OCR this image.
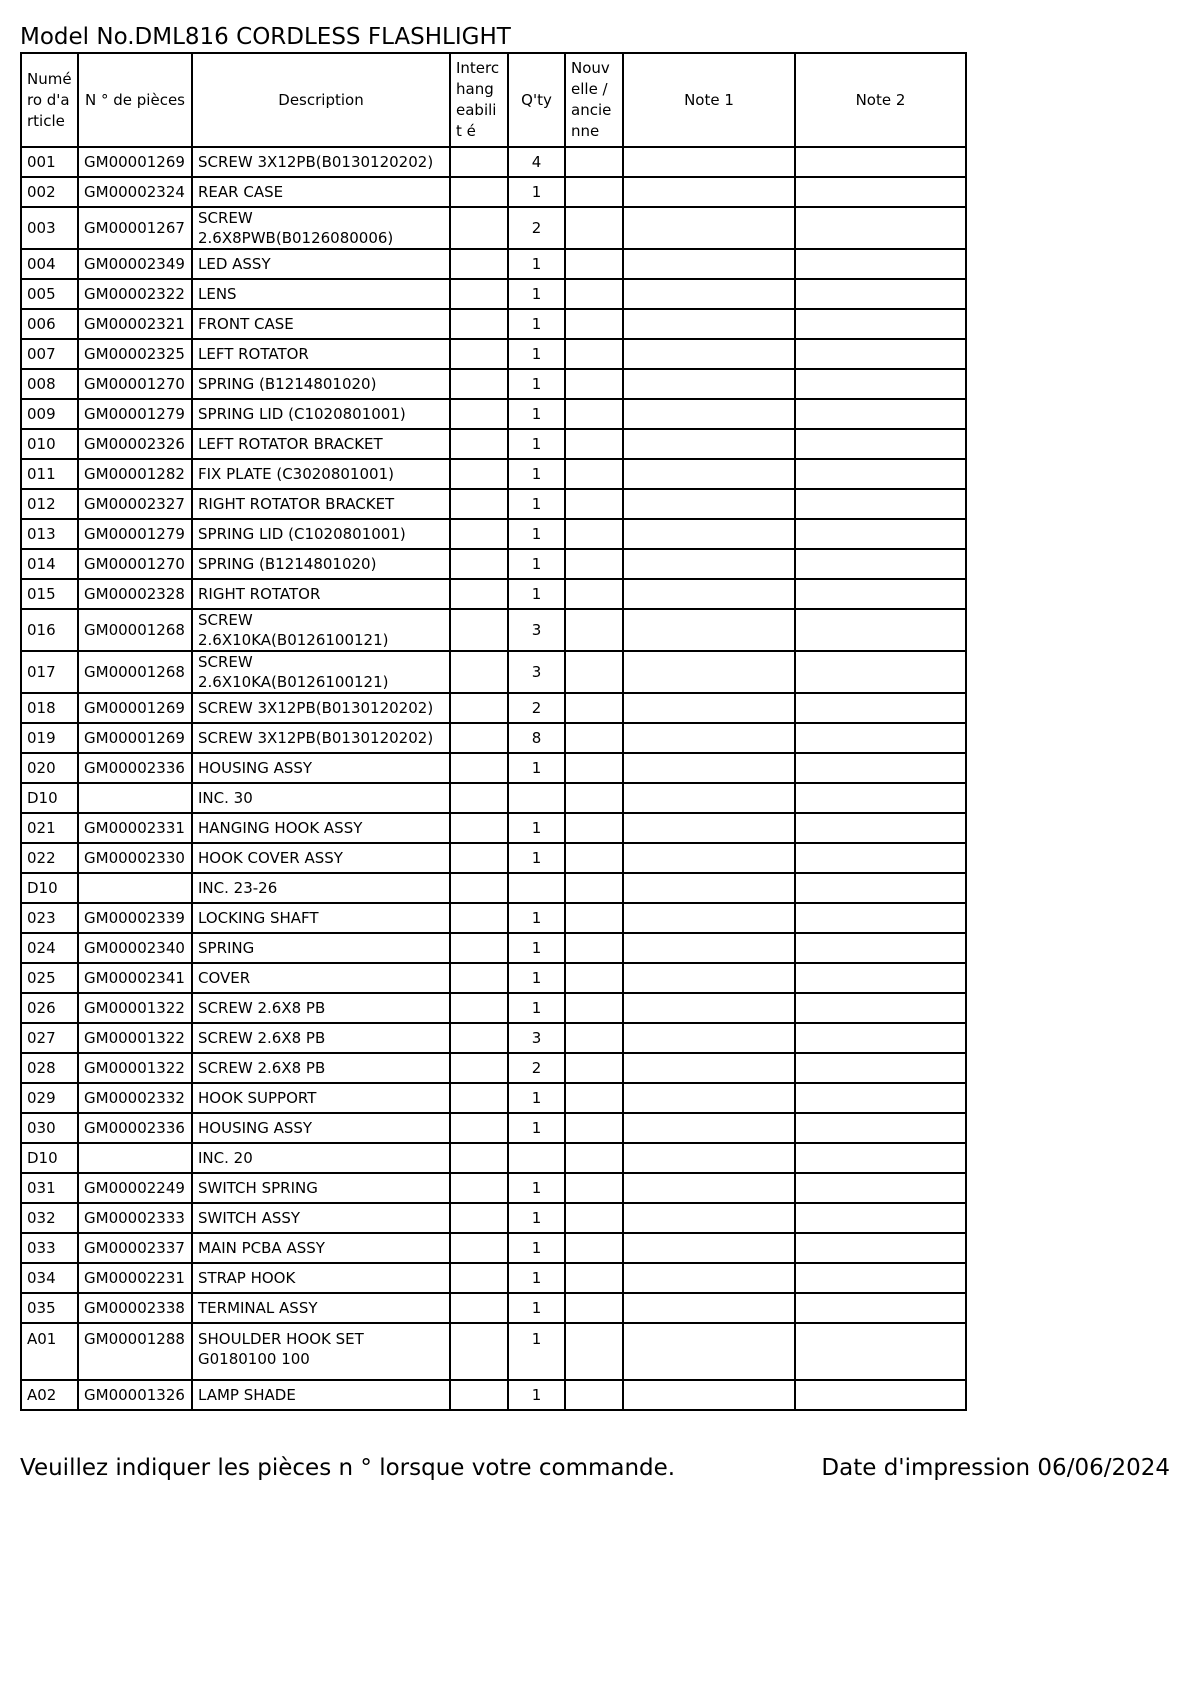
Model No.DML816 CORDLESS FLASHLIGHT
Numé ro d'a rticle	N ° de pièces	Description	Interc hang eabilit é	Q'ty	Nouv elle / ancie nne	Note 1	Note 2
001	GM00001269	SCREW 3X12PB(B0130120202)		4			
002	GM00002324	REAR CASE		1			
003	GM00001267	SCREW 2.6X8PWB(B0126080006)		2			
004	GM00002349	LED ASSY		1			
005	GM00002322	LENS		1			
006	GM00002321	FRONT CASE		1			
007	GM00002325	LEFT ROTATOR		1			
008	GM00001270	SPRING (B1214801020)		1			
009	GM00001279	SPRING LID (C1020801001)		1			
010	GM00002326	LEFT ROTATOR BRACKET		1			
011	GM00001282	FIX PLATE (C3020801001)		1			
012	GM00002327	RIGHT ROTATOR BRACKET		1			
013	GM00001279	SPRING LID (C1020801001)		1			
014	GM00001270	SPRING (B1214801020)		1			
015	GM00002328	RIGHT ROTATOR		1			
016	GM00001268	SCREW 2.6X10KA(B0126100121)		3			
017	GM00001268	SCREW 2.6X10KA(B0126100121)		3			
018	GM00001269	SCREW 3X12PB(B0130120202)		2			
019	GM00001269	SCREW 3X12PB(B0130120202)		8			
020	GM00002336	HOUSING ASSY		1			
D10		INC. 30					
021	GM00002331	HANGING HOOK ASSY		1			
022	GM00002330	HOOK COVER ASSY		1			
D10		INC. 23-26					
023	GM00002339	LOCKING SHAFT		1			
024	GM00002340	SPRING		1			
025	GM00002341	COVER		1			
026	GM00001322	SCREW 2.6X8 PB		1			
027	GM00001322	SCREW 2.6X8 PB		3			
028	GM00001322	SCREW 2.6X8 PB		2			
029	GM00002332	HOOK SUPPORT		1			
030	GM00002336	HOUSING ASSY		1			
D10		INC. 20					
031	GM00002249	SWITCH SPRING		1			
032	GM00002333	SWITCH ASSY		1			
033	GM00002337	MAIN PCBA ASSY		1			
034	GM00002231	STRAP HOOK		1			
035	GM00002338	TERMINAL ASSY		1			
A01	GM00001288	SHOULDER HOOK SET G0180100 100		1			
A02	GM00001326	LAMP SHADE		1			
Veuillez indiquer les pièces n ° lorsque votre commande.	Date d'impression 06/06/2024
